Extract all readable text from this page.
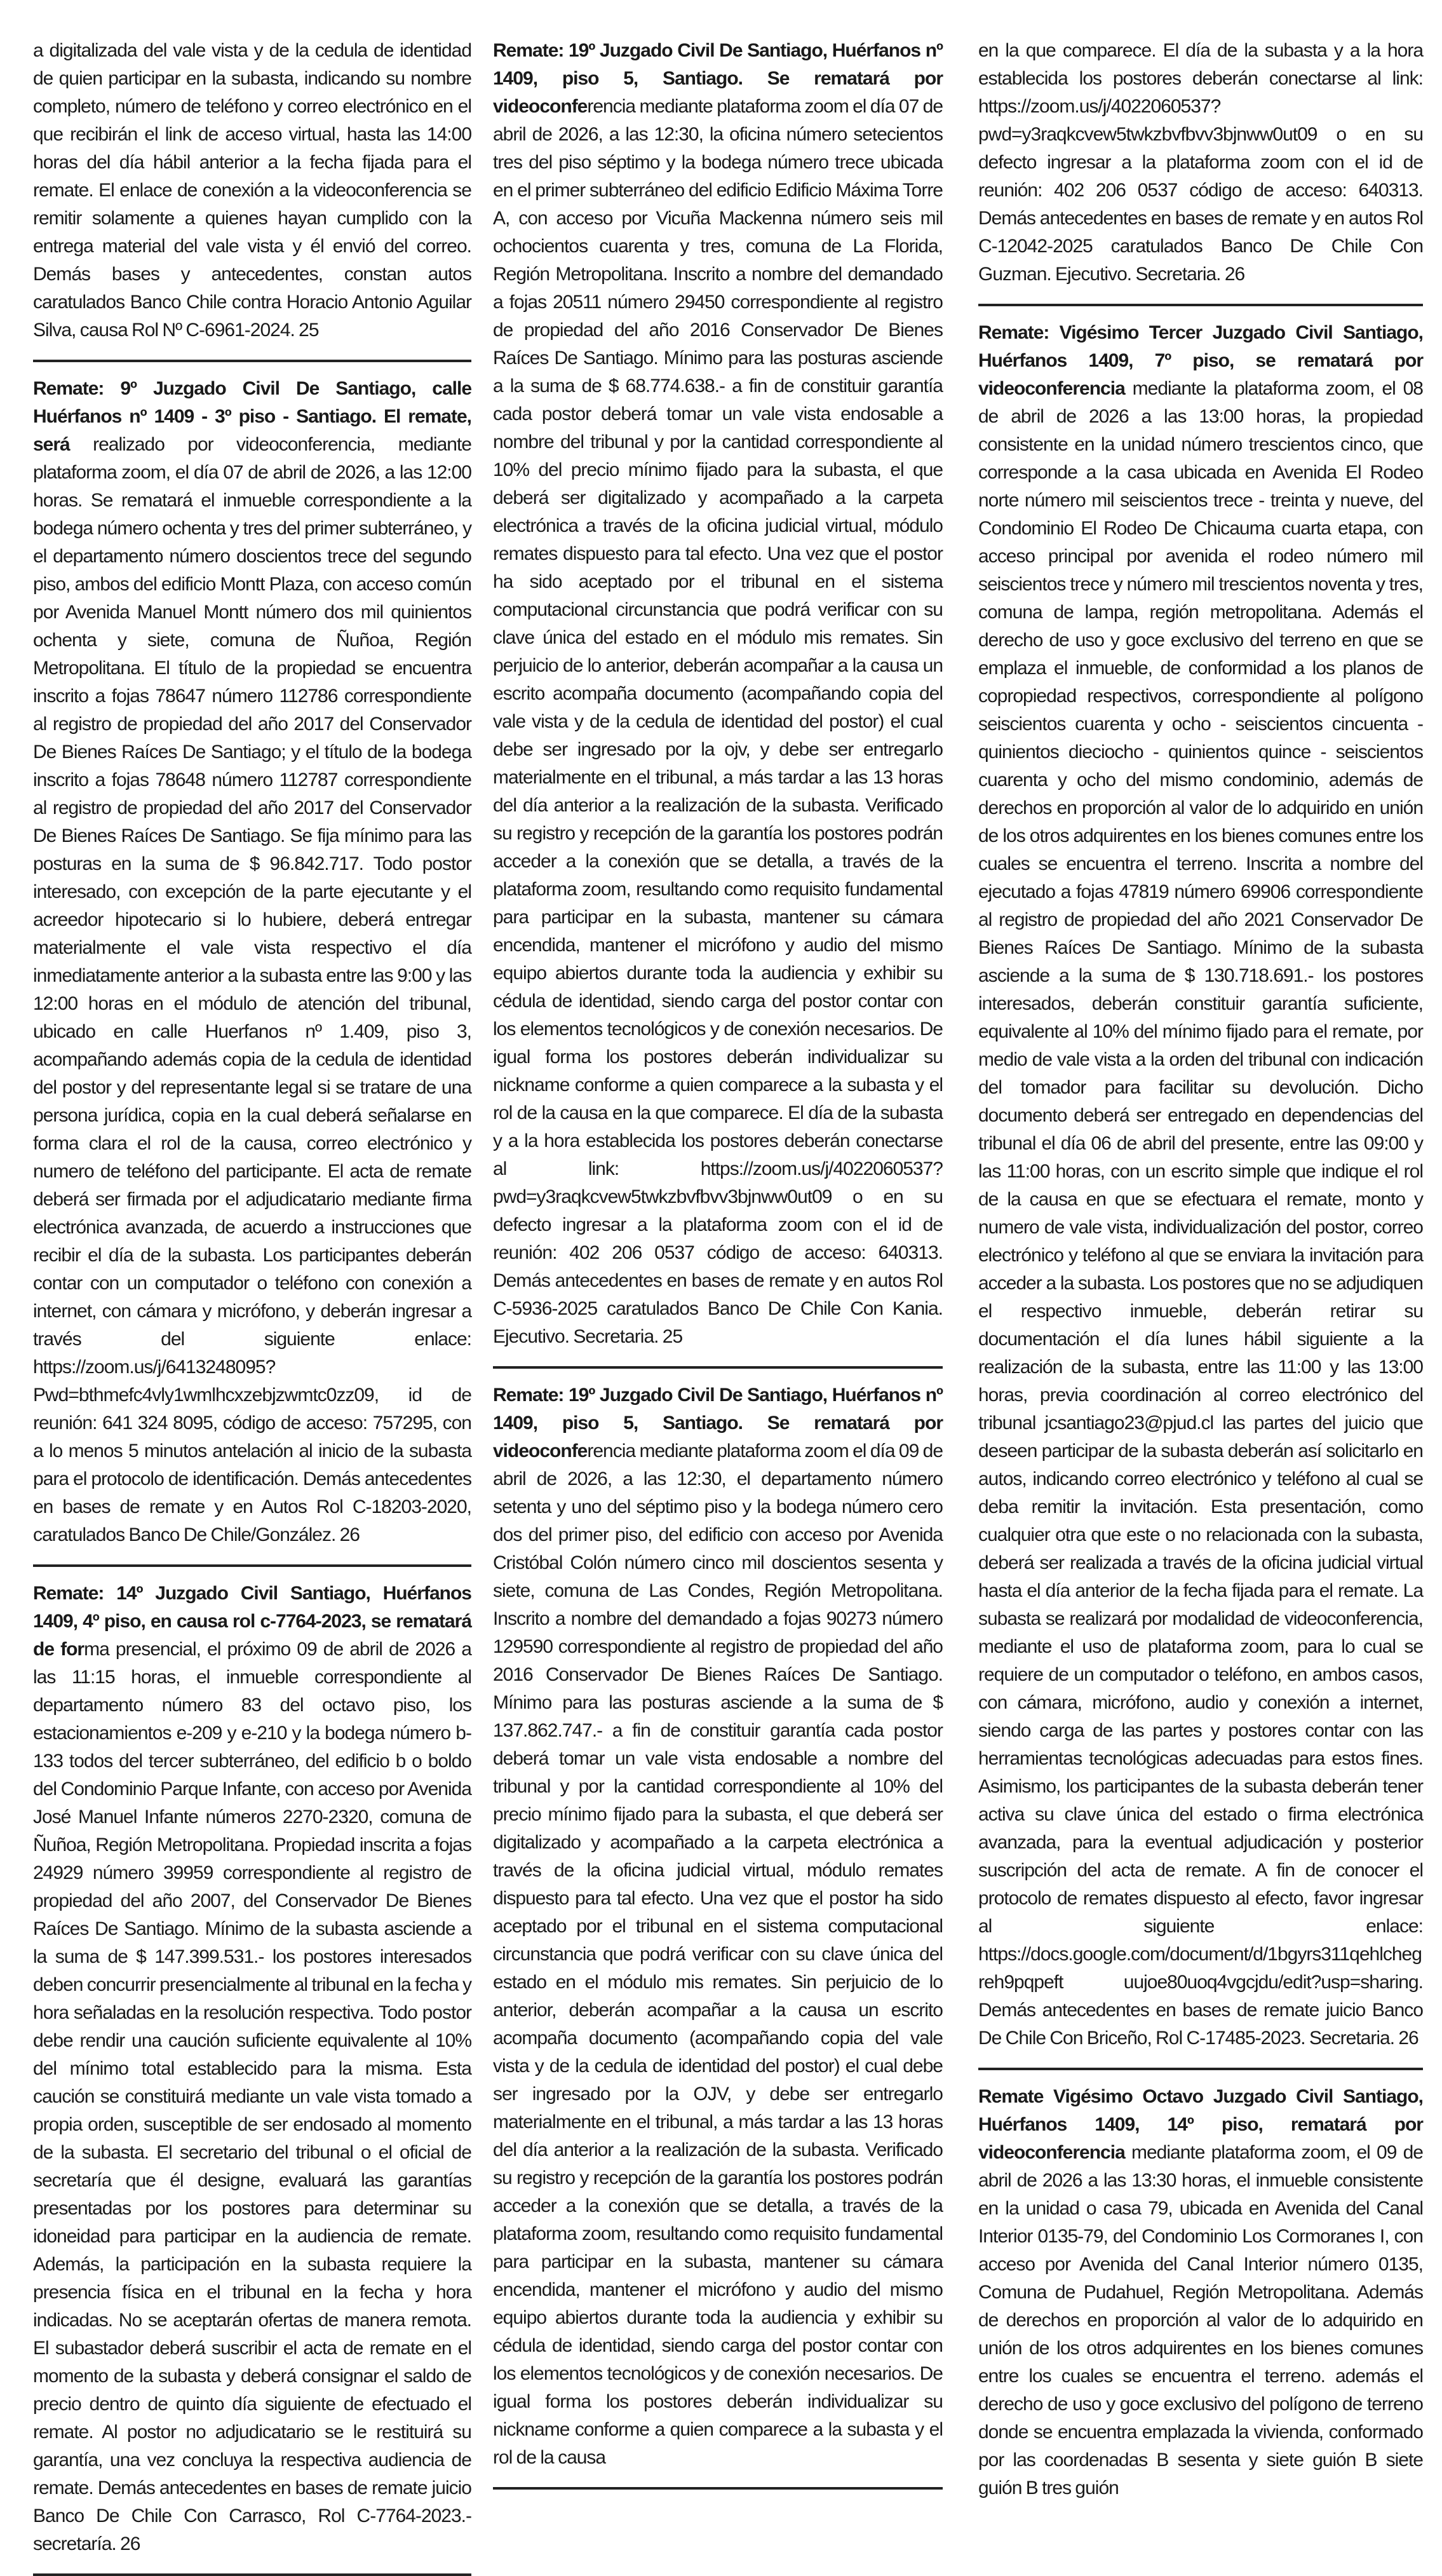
a digitalizada del vale vista y de la cedula de identidad de quien participar en la subasta, indicando su nombre completo, número de teléfono y correo electrónico en el que recibirán el link de acceso virtual, hasta las 14:00 horas del día hábil anterior a la fecha fijada para el remate. El enlace de conexión a la videoconferencia se remitir solamente a quienes hayan cumplido con la entrega material del vale vista y él envió del correo. Demás bases y antecedentes, constan autos caratulados Banco Chile contra Horacio Antonio Aguilar Silva, causa Rol Nº C-6961-2024. 25

Remate: 9º Juzgado Civil De Santiago, calle Huérfanos nº 1409 - 3º piso - Santiago. El remate, será realizado por videoconferencia, mediante plataforma zoom, el día 07 de abril de 2026, a las 12:00 horas. Se rematará el inmueble correspondiente a la bodega número ochenta y tres del primer subterráneo, y el departamento número doscientos trece del segundo piso, ambos del edificio Montt Plaza, con acceso común por Avenida Manuel Montt número dos mil quinientos ochenta y siete, comuna de Ñuñoa, Región Metropolitana. El título de la propiedad se encuentra inscrito a fojas 78647 número 112786 correspondiente al registro de propiedad del año 2017 del Conservador De Bienes Raíces De Santiago; y el título de la bodega inscrito a fojas 78648 número 112787 correspondiente al registro de propiedad del año 2017 del Conservador De Bienes Raíces De Santiago. Se fija mínimo para las posturas en la suma de $ 96.842.717. Todo postor interesado, con excepción de la parte ejecutante y el acreedor hipotecario si lo hubiere, deberá entregar materialmente el vale vista respectivo el día inmediatamente anterior a la subasta entre las 9:00 y las 12:00 horas en el módulo de atención del tribunal, ubicado en calle Huerfanos nº 1.409, piso 3, acompañando además copia de la cedula de identidad del postor y del representante legal si se tratare de una persona jurídica, copia en la cual deberá señalarse en forma clara el rol de la causa, correo electrónico y numero de teléfono del participante. El acta de remate deberá ser firmada por el adjudicatario mediante firma electrónica avanzada, de acuerdo a instrucciones que recibir el día de la subasta. Los participantes deberán contar con un computador o teléfono con conexión a internet, con cámara y micrófono, y deberán ingresar a través del siguiente enlace: https://zoom.us/j/6413248095?Pwd=bthmefc4vly1wmlhcxzebjzwmtc0zz09, id de reunión: 641 324 8095, código de acceso: 757295, con a lo menos 5 minutos antelación al inicio de la subasta para el protocolo de identificación. Demás antecedentes en bases de remate y en Autos Rol C-18203-2020, caratulados Banco De Chile/González. 26

Remate: 14º Juzgado Civil Santiago, Huérfanos 1409, 4º piso, en causa rol c-7764-2023, se rematará de forma presencial, el próximo 09 de abril de 2026 a las 11:15 horas, el inmueble correspondiente al departamento número 83 del octavo piso, los estacionamientos e-209 y e-210 y la bodega número b-133 todos del tercer subterráneo, del edificio b o boldo del Condominio Parque Infante, con acceso por Avenida José Manuel Infante números 2270-2320, comuna de Ñuñoa, Región Metropolitana. Propiedad inscrita a fojas 24929 número 39959 correspondiente al registro de propiedad del año 2007, del Conservador De Bienes Raíces De Santiago. Mínimo de la subasta asciende a la suma de $ 147.399.531.- los postores interesados deben concurrir presencialmente al tribunal en la fecha y hora señaladas en la resolución respectiva. Todo postor debe rendir una caución suficiente equivalente al 10% del mínimo total establecido para la misma. Esta caución se constituirá mediante un vale vista tomado a propia orden, susceptible de ser endosado al momento de la subasta. El secretario del tribunal o el oficial de secretaría que él designe, evaluará las garantías presentadas por los postores para determinar su idoneidad para participar en la audiencia de remate. Además, la participación en la subasta requiere la presencia física en el tribunal en la fecha y hora indicadas. No se aceptarán ofertas de manera remota. El subastador deberá suscribir el acta de remate en el momento de la subasta y deberá consignar el saldo de precio dentro de quinto día siguiente de efectuado el remate. Al postor no adjudicatario se le restituirá su garantía, una vez concluya la respectiva audiencia de remate. Demás antecedentes en bases de remate juicio Banco De Chile Con Carrasco, Rol C-7764-2023.- secretaría. 26

Remate: 19º Juzgado Civil De Santiago, Huérfanos nº 1409, piso 5, Santiago. Se rematará por videoconferencia mediante plataforma zoom el día 07 de abril de 2026, a las 12:30, la oficina número setecientos tres del piso séptimo y la bodega número trece ubicada en el primer subterráneo del edificio Edificio Máxima Torre A, con acceso por Vicuña Mackenna número seis mil ochocientos cuarenta y tres, comuna de La Florida, Región Metropolitana. Inscrito a nombre del demandado a fojas 20511 número 29450 correspondiente al registro de propiedad del año 2016 Conservador De Bienes Raíces De Santiago. Mínimo para las posturas asciende a la suma de $ 68.774.638.- a fin de constituir garantía cada postor deberá tomar un vale vista endosable a nombre del tribunal y por la cantidad correspondiente al 10% del precio mínimo fijado para la subasta, el que deberá ser digitalizado y acompañado a la carpeta electrónica a través de la oficina judicial virtual, módulo remates dispuesto para tal efecto. Una vez que el postor ha sido aceptado por el tribunal en el sistema computacional circunstancia que podrá verificar con su clave única del estado en el módulo mis remates. Sin perjuicio de lo anterior, deberán acompañar a la causa un escrito acompaña documento (acompañando copia del vale vista y de la cedula de identidad del postor) el cual debe ser ingresado por la ojv, y debe ser entregarlo materialmente en el tribunal, a más tardar a las 13 horas del día anterior a la realización de la subasta. Verificado su registro y recepción de la garantía los postores podrán acceder a la conexión que se detalla, a través de la plataforma zoom, resultando como requisito fundamental para participar en la subasta, mantener su cámara encendida, mantener el micrófono y audio del mismo equipo abiertos durante toda la audiencia y exhibir su cédula de identidad, siendo carga del postor contar con los elementos tecnológicos y de conexión necesarios. De igual forma los postores deberán individualizar su nickname conforme a quien comparece a la subasta y el rol de la causa en la que comparece. El día de la subasta y a la hora establecida los postores deberán conectarse al link: https://zoom.us/j/4022060537?pwd=y3raqkcvew5twkzbvfbvv3bjnww0ut09 o en su defecto ingresar a la plataforma zoom con el id de reunión: 402 206 0537 código de acceso: 640313. Demás antecedentes en bases de remate y en autos Rol C-5936-2025 caratulados Banco De Chile Con Kania. Ejecutivo. Secretaria. 25

Remate: 19º Juzgado Civil De Santiago, Huérfanos nº 1409, piso 5, Santiago. Se rematará por videoconferencia mediante plataforma zoom el día 09 de abril de 2026, a las 12:30, el departamento número setenta y uno del séptimo piso y la bodega número cero dos del primer piso, del edificio con acceso por Avenida Cristóbal Colón número cinco mil doscientos sesenta y siete, comuna de Las Condes, Región Metropolitana. Inscrito a nombre del demandado a fojas 90273 número 129590 correspondiente al registro de propiedad del año 2016 Conservador De Bienes Raíces De Santiago. Mínimo para las posturas asciende a la suma de $ 137.862.747.- a fin de constituir garantía cada postor deberá tomar un vale vista endosable a nombre del tribunal y por la cantidad correspondiente al 10% del precio mínimo fijado para la subasta, el que deberá ser digitalizado y acompañado a la carpeta electrónica a través de la oficina judicial virtual, módulo remates dispuesto para tal efecto. Una vez que el postor ha sido aceptado por el tribunal en el sistema computacional circunstancia que podrá verificar con su clave única del estado en el módulo mis remates. Sin perjuicio de lo anterior, deberán acompañar a la causa un escrito acompaña documento (acompañando copia del vale vista y de la cedula de identidad del postor) el cual debe ser ingresado por la OJV, y debe ser entregarlo materialmente en el tribunal, a más tardar a las 13 horas del día anterior a la realización de la subasta. Verificado su registro y recepción de la garantía los postores podrán acceder a la conexión que se detalla, a través de la plataforma zoom, resultando como requisito fundamental para participar en la subasta, mantener su cámara encendida, mantener el micrófono y audio del mismo equipo abiertos durante toda la audiencia y exhibir su cédula de identidad, siendo carga del postor contar con los elementos tecnológicos y de conexión necesarios. De igual forma los postores deberán individualizar su nickname conforme a quien comparece a la subasta y el rol de la causa

en la que comparece. El día de la subasta y a la hora establecida los postores deberán conectarse al link: https://zoom.us/j/4022060537?pwd=y3raqkcvew5twkzbvfbvv3bjnww0ut09 o en su defecto ingresar a la plataforma zoom con el id de reunión: 402 206 0537 código de acceso: 640313. Demás antecedentes en bases de remate y en autos Rol C-12042-2025 caratulados Banco De Chile Con Guzman. Ejecutivo. Secretaria. 26

Remate: Vigésimo Tercer Juzgado Civil Santiago, Huérfanos 1409, 7º piso, se rematará por videoconferencia mediante la plataforma zoom, el 08 de abril de 2026 a las 13:00 horas, la propiedad consistente en la unidad número trescientos cinco, que corresponde a la casa ubicada en Avenida El Rodeo norte número mil seiscientos trece - treinta y nueve, del Condominio El Rodeo De Chicauma cuarta etapa, con acceso principal por avenida el rodeo número mil seiscientos trece y número mil trescientos noventa y tres, comuna de lampa, región metropolitana. Además el derecho de uso y goce exclusivo del terreno en que se emplaza el inmueble, de conformidad a los planos de copropiedad respectivos, correspondiente al polígono seiscientos cuarenta y ocho - seiscientos cincuenta - quinientos dieciocho - quinientos quince - seiscientos cuarenta y ocho del mismo condominio, además de derechos en proporción al valor de lo adquirido en unión de los otros adquirentes en los bienes comunes entre los cuales se encuentra el terreno. Inscrita a nombre del ejecutado a fojas 47819 número 69906 correspondiente al registro de propiedad del año 2021 Conservador De Bienes Raíces De Santiago. Mínimo de la subasta asciende a la suma de $ 130.718.691.- los postores interesados, deberán constituir garantía suficiente, equivalente al 10% del mínimo fijado para el remate, por medio de vale vista a la orden del tribunal con indicación del tomador para facilitar su devolución. Dicho documento deberá ser entregado en dependencias del tribunal el día 06 de abril del presente, entre las 09:00 y las 11:00 horas, con un escrito simple que indique el rol de la causa en que se efectuara el remate, monto y numero de vale vista, individualización del postor, correo electrónico y teléfono al que se enviara la invitación para acceder a la subasta. Los postores que no se adjudiquen el respectivo inmueble, deberán retirar su documentación el día lunes hábil siguiente a la realización de la subasta, entre las 11:00 y las 13:00 horas, previa coordinación al correo electrónico del tribunal jcsantiago23@pjud.cl las partes del juicio que deseen participar de la subasta deberán así solicitarlo en autos, indicando correo electrónico y teléfono al cual se deba remitir la invitación. Esta presentación, como cualquier otra que este o no relacionada con la subasta, deberá ser realizada a través de la oficina judicial virtual hasta el día anterior de la fecha fijada para el remate. La subasta se realizará por modalidad de videoconferencia, mediante el uso de plataforma zoom, para lo cual se requiere de un computador o teléfono, en ambos casos, con cámara, micrófono, audio y conexión a internet, siendo carga de las partes y postores contar con las herramientas tecnológicas adecuadas para estos fines. Asimismo, los participantes de la subasta deberán tener activa su clave única del estado o firma electrónica avanzada, para la eventual adjudicación y posterior suscripción del acta de remate. A fin de conocer el protocolo de remates dispuesto al efecto, favor ingresar al siguiente enlace: https://docs.google.com/document/d/1bgyrs311qehlchegreh9pqpeft uujoe80uoq4vgcjdu/edit?usp=sharing. Demás antecedentes en bases de remate juicio Banco De Chile Con Briceño, Rol C-17485-2023. Secretaria. 26

Remate Vigésimo Octavo Juzgado Civil Santiago, Huérfanos 1409, 14º piso, rematará por videoconferencia mediante plataforma zoom, el 09 de abril de 2026 a las 13:30 horas, el inmueble consistente en la unidad o casa 79, ubicada en Avenida del Canal Interior 0135-79, del Condominio Los Cormoranes I, con acceso por Avenida del Canal Interior número 0135, Comuna de Pudahuel, Región Metropolitana. Además de derechos en proporción al valor de lo adquirido en unión de los otros adquirentes en los bienes comunes entre los cuales se encuentra el terreno. además el derecho de uso y goce exclusivo del polígono de terreno donde se encuentra emplazada la vivienda, conformado por las coordenadas B sesenta y siete guión B siete guión B tres guión
